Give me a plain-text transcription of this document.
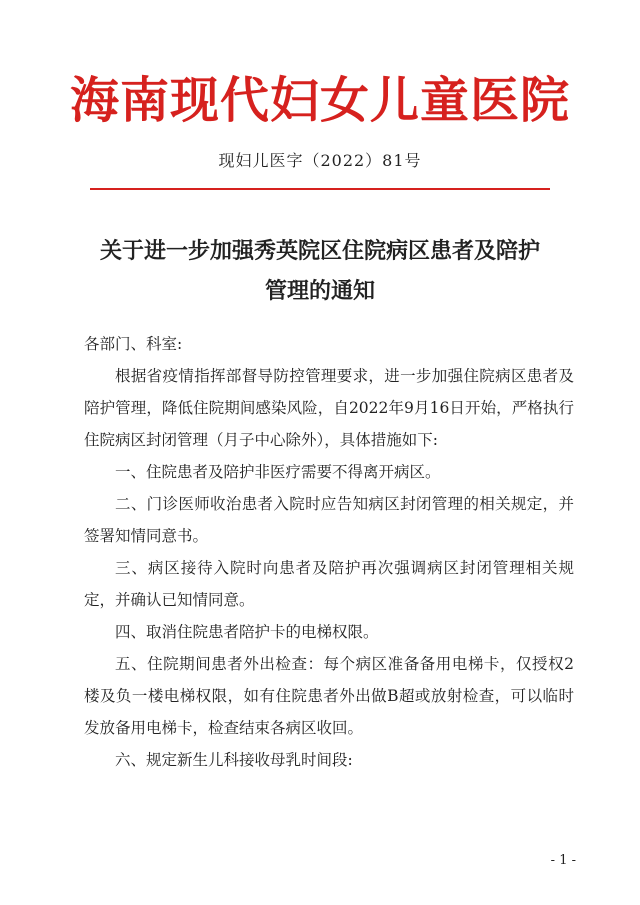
海南现代妇女儿童医院
现妇儿医字（2022）81号
关于进一步加强秀英院区住院病区患者及陪护
管理的通知

各部门、科室:

根据省疫情指挥部督导防控管理要求，进一步加强住院病区患者及陪护管理，降低住院期间感染风险，自2022年9月16日开始，严格执行住院病区封闭管理（月子中心除外），具体措施如下:

一、住院患者及陪护非医疗需要不得离开病区。

二、门诊医师收治患者入院时应告知病区封闭管理的相关规定，并签署知情同意书。

三、病区接待入院时向患者及陪护再次强调病区封闭管理相关规定，并确认已知情同意。

四、取消住院患者陪护卡的电梯权限。

五、住院期间患者外出检查：每个病区准备备用电梯卡，仅授权2楼及负一楼电梯权限，如有住院患者外出做B超或放射检查，可以临时发放备用电梯卡，检查结束各病区收回。

六、规定新生儿科接收母乳时间段:

- 1 -
